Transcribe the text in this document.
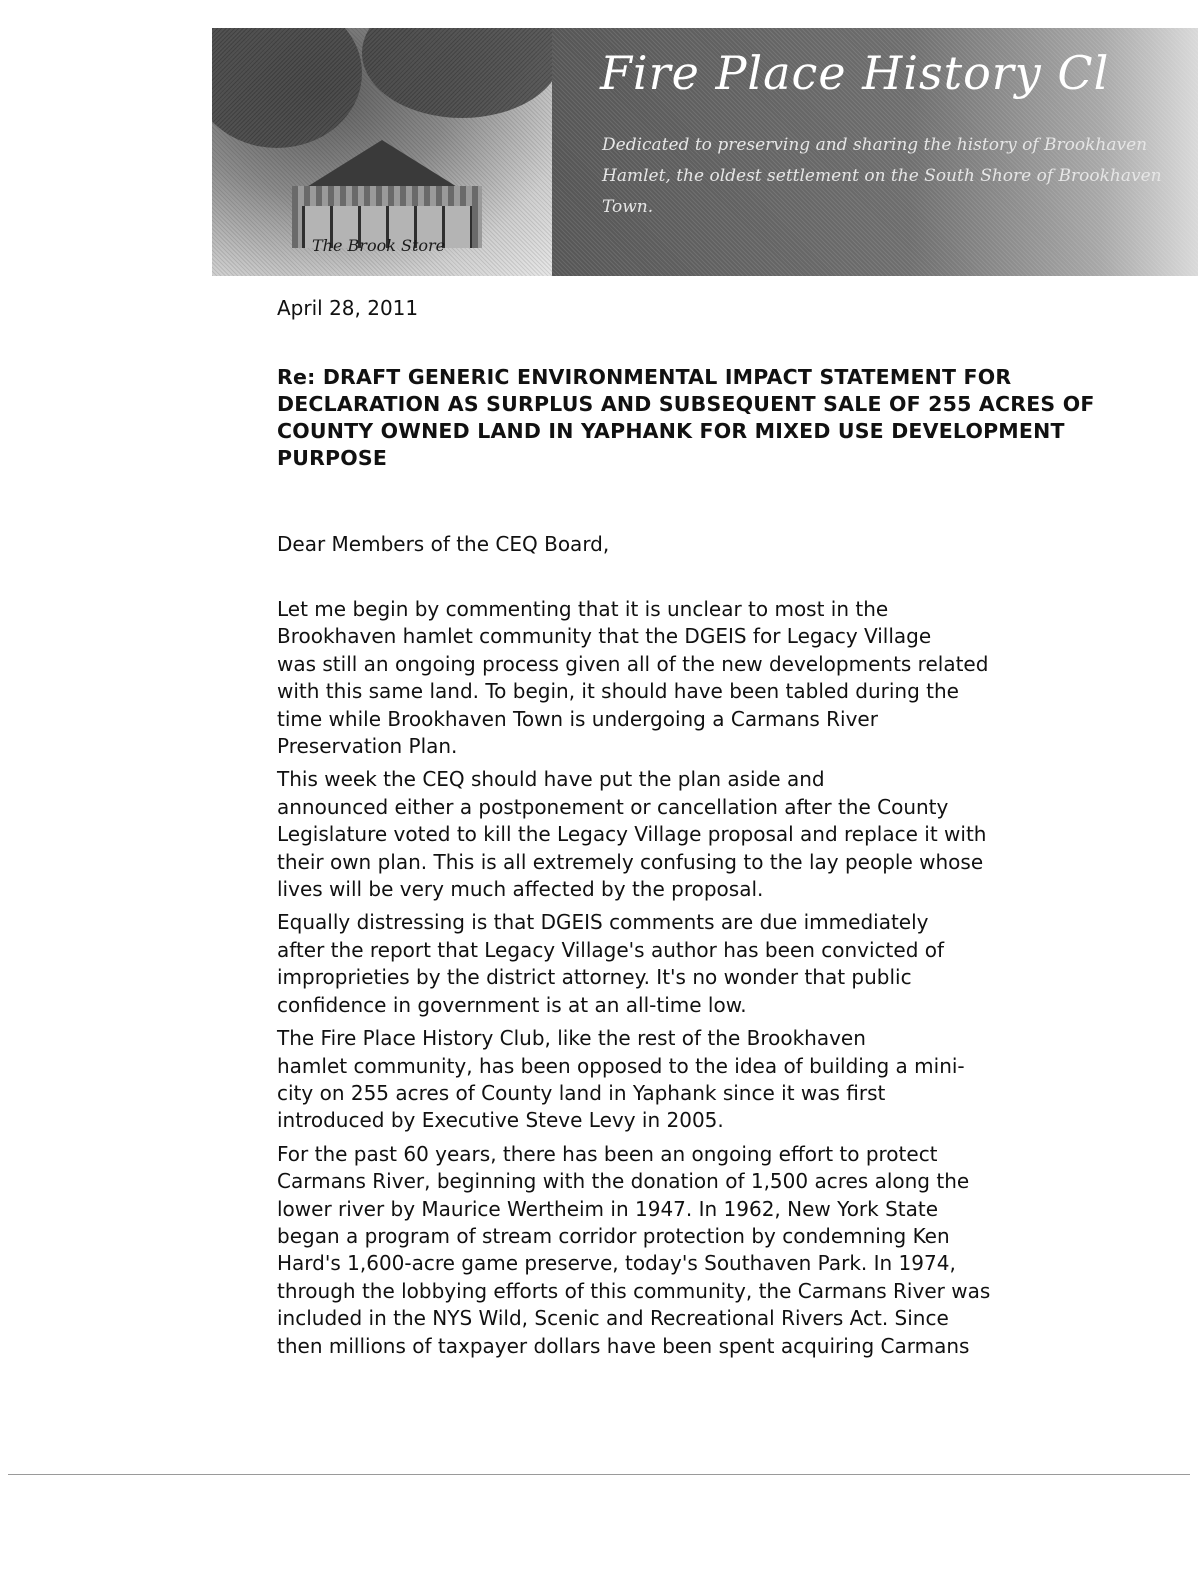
The Brook Store
Fire Place History Cl
Dedicated to preserving and sharing the history of Brookhaven Hamlet, the oldest settlement on the South Shore of Brookhaven Town.
April 28, 2011
Re: DRAFT GENERIC ENVIRONMENTAL IMPACT STATEMENT FOR DECLARATION AS SURPLUS AND SUBSEQUENT SALE OF 255 ACRES OF COUNTY OWNED LAND IN YAPHANK FOR MIXED USE DEVELOPMENT PURPOSE
Dear Members of the CEQ Board,

Let me begin by commenting that it is unclear to most in the
Brookhaven hamlet community that the DGEIS for Legacy Village
was still an ongoing process given all of the new developments related
with this same land. To begin, it should have been tabled during the
time while Brookhaven Town is undergoing a Carmans River
Preservation Plan.

This week the CEQ should have put the plan aside and
announced either a postponement or cancellation after the County
Legislature voted to kill the Legacy Village proposal and replace it with
their own plan. This is all extremely confusing to the lay people whose
lives will be very much affected by the proposal.

Equally distressing is that DGEIS comments are due immediately
after the report that Legacy Village's author has been convicted of
improprieties by the district attorney. It's no wonder that public
confidence in government is at an all-time low.

The Fire Place History Club, like the rest of the Brookhaven
hamlet community, has been opposed to the idea of building a mini-
city on 255 acres of County land in Yaphank since it was first
introduced by Executive Steve Levy in 2005.

For the past 60 years, there has been an ongoing effort to protect
Carmans River, beginning with the donation of 1,500 acres along the
lower river by Maurice Wertheim in 1947. In 1962, New York State
began a program of stream corridor protection by condemning Ken
Hard's 1,600-acre game preserve, today's Southaven Park. In 1974,
through the lobbying efforts of this community, the Carmans River was
included in the NYS Wild, Scenic and Recreational Rivers Act. Since
then millions of taxpayer dollars have been spent acquiring Carmans
